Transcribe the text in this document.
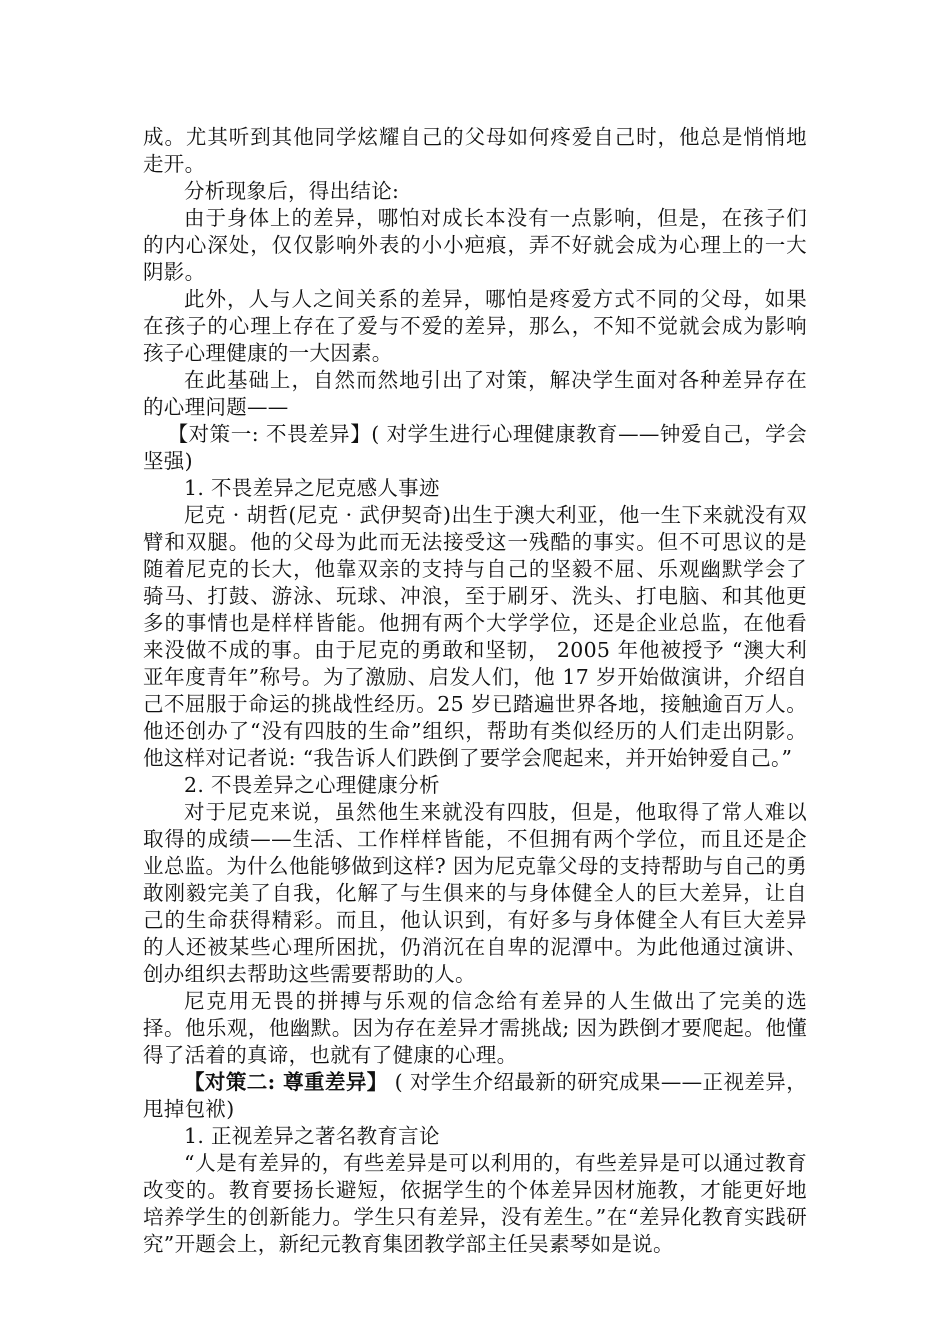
成。尤其听到其他同学炫耀自己的父母如何疼爱自己时，他总是悄悄地走开。

分析现象后，得出结论:

由于身体上的差异，哪怕对成长本没有一点影响，但是，在孩子们的内心深处，仅仅影响外表的小小疤痕，弄不好就会成为心理上的一大阴影。

此外，人与人之间关系的差异，哪怕是疼爱方式不同的父母，如果在孩子的心理上存在了爱与不爱的差异，那么，不知不觉就会成为影响孩子心理健康的一大因素。

在此基础上，自然而然地引出了对策，解决学生面对各种差异存在的心理问题——

【对策一: 不畏差异】( 对学生进行心理健康教育——钟爱自己，学会坚强)

1. 不畏差异之尼克感人事迹

尼克 · 胡哲(尼克 · 武伊契奇)出生于澳大利亚，他一生下来就没有双臂和双腿。他的父母为此而无法接受这一残酷的事实。但不可思议的是随着尼克的长大，他靠双亲的支持与自己的坚毅不屈、乐观幽默学会了骑马、打鼓、游泳、玩球、冲浪，至于刷牙、洗头、打电脑、和其他更多的事情也是样样皆能。他拥有两个大学学位，还是企业总监，在他看来没做不成的事。由于尼克的勇敢和坚韧， 2005 年他被授予 “澳大利亚年度青年”称号。为了激励、启发人们，他 17 岁开始做演讲，介绍自己不屈服于命运的挑战性经历。25 岁已踏遍世界各地，接触逾百万人。他还创办了“没有四肢的生命”组织，帮助有类似经历的人们走出阴影。他这样对记者说: “我告诉人们跌倒了要学会爬起来，并开始钟爱自己。”

2. 不畏差异之心理健康分析

对于尼克来说，虽然他生来就没有四肢，但是，他取得了常人难以取得的成绩——生活、工作样样皆能，不但拥有两个学位，而且还是企业总监。为什么他能够做到这样? 因为尼克靠父母的支持帮助与自己的勇敢刚毅完美了自我，化解了与生俱来的与身体健全人的巨大差异，让自己的生命获得精彩。而且，他认识到，有好多与身体健全人有巨大差异的人还被某些心理所困扰，仍消沉在自卑的泥潭中。为此他通过演讲、创办组织去帮助这些需要帮助的人。

尼克用无畏的拼搏与乐观的信念给有差异的人生做出了完美的选择。他乐观，他幽默。因为存在差异才需挑战; 因为跌倒才要爬起。他懂得了活着的真谛，也就有了健康的心理。

【对策二: 尊重差异】 ( 对学生介绍最新的研究成果——正视差异，甩掉包袱)

1. 正视差异之著名教育言论

“人是有差异的，有些差异是可以利用的，有些差异是可以通过教育改变的。教育要扬长避短，依据学生的个体差异因材施教，才能更好地培养学生的创新能力。学生只有差异，没有差生。”在“差异化教育实践研究”开题会上，新纪元教育集团教学部主任吴素琴如是说。
